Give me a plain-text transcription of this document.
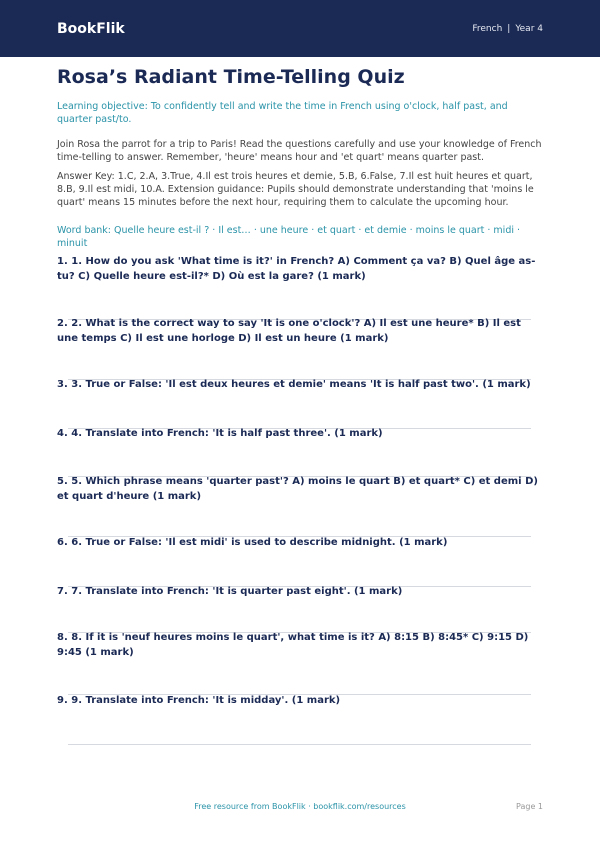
BookFlik	French | Year 4
Rosa’s Radiant Time-Telling Quiz

Learning objective: To confidently tell and write the time in French using o'clock, half past, and quarter past/to.

Join Rosa the parrot for a trip to Paris! Read the questions carefully and use your knowledge of French time-telling to answer. Remember, 'heure' means hour and 'et quart' means quarter past.

Answer Key: 1.C, 2.A, 3.True, 4.Il est trois heures et demie, 5.B, 6.False, 7.Il est huit heures et quart, 8.B, 9.Il est midi, 10.A. Extension guidance: Pupils should demonstrate understanding that 'moins le quart' means 15 minutes before the next hour, requiring them to calculate the upcoming hour.

Word bank: Quelle heure est-il ? · Il est… · une heure · et quart · et demie · moins le quart · midi · minuit

1. 1. How do you ask 'What time is it?' in French? A) Comment ça va? B) Quel âge as-tu? C) Quelle heure est-il?* D) Où est la gare? (1 mark)

2. 2. What is the correct way to say 'It is one o'clock'? A) Il est une heure* B) Il est une temps C) Il est une horloge D) Il est un heure (1 mark)

3. 3. True or False: 'Il est deux heures et demie' means 'It is half past two'. (1 mark)

4. 4. Translate into French: 'It is half past three'. (1 mark)

5. 5. Which phrase means 'quarter past'? A) moins le quart B) et quart* C) et demi D) et quart d'heure (1 mark)

6. 6. True or False: 'Il est midi' is used to describe midnight. (1 mark)

7. 7. Translate into French: 'It is quarter past eight'. (1 mark)

8. 8. If it is 'neuf heures moins le quart', what time is it? A) 8:15 B) 8:45* C) 9:15 D) 9:45 (1 mark)

9. 9. Translate into French: 'It is midday'. (1 mark)

Free resource from BookFlik · bookflik.com/resources	Page 1
